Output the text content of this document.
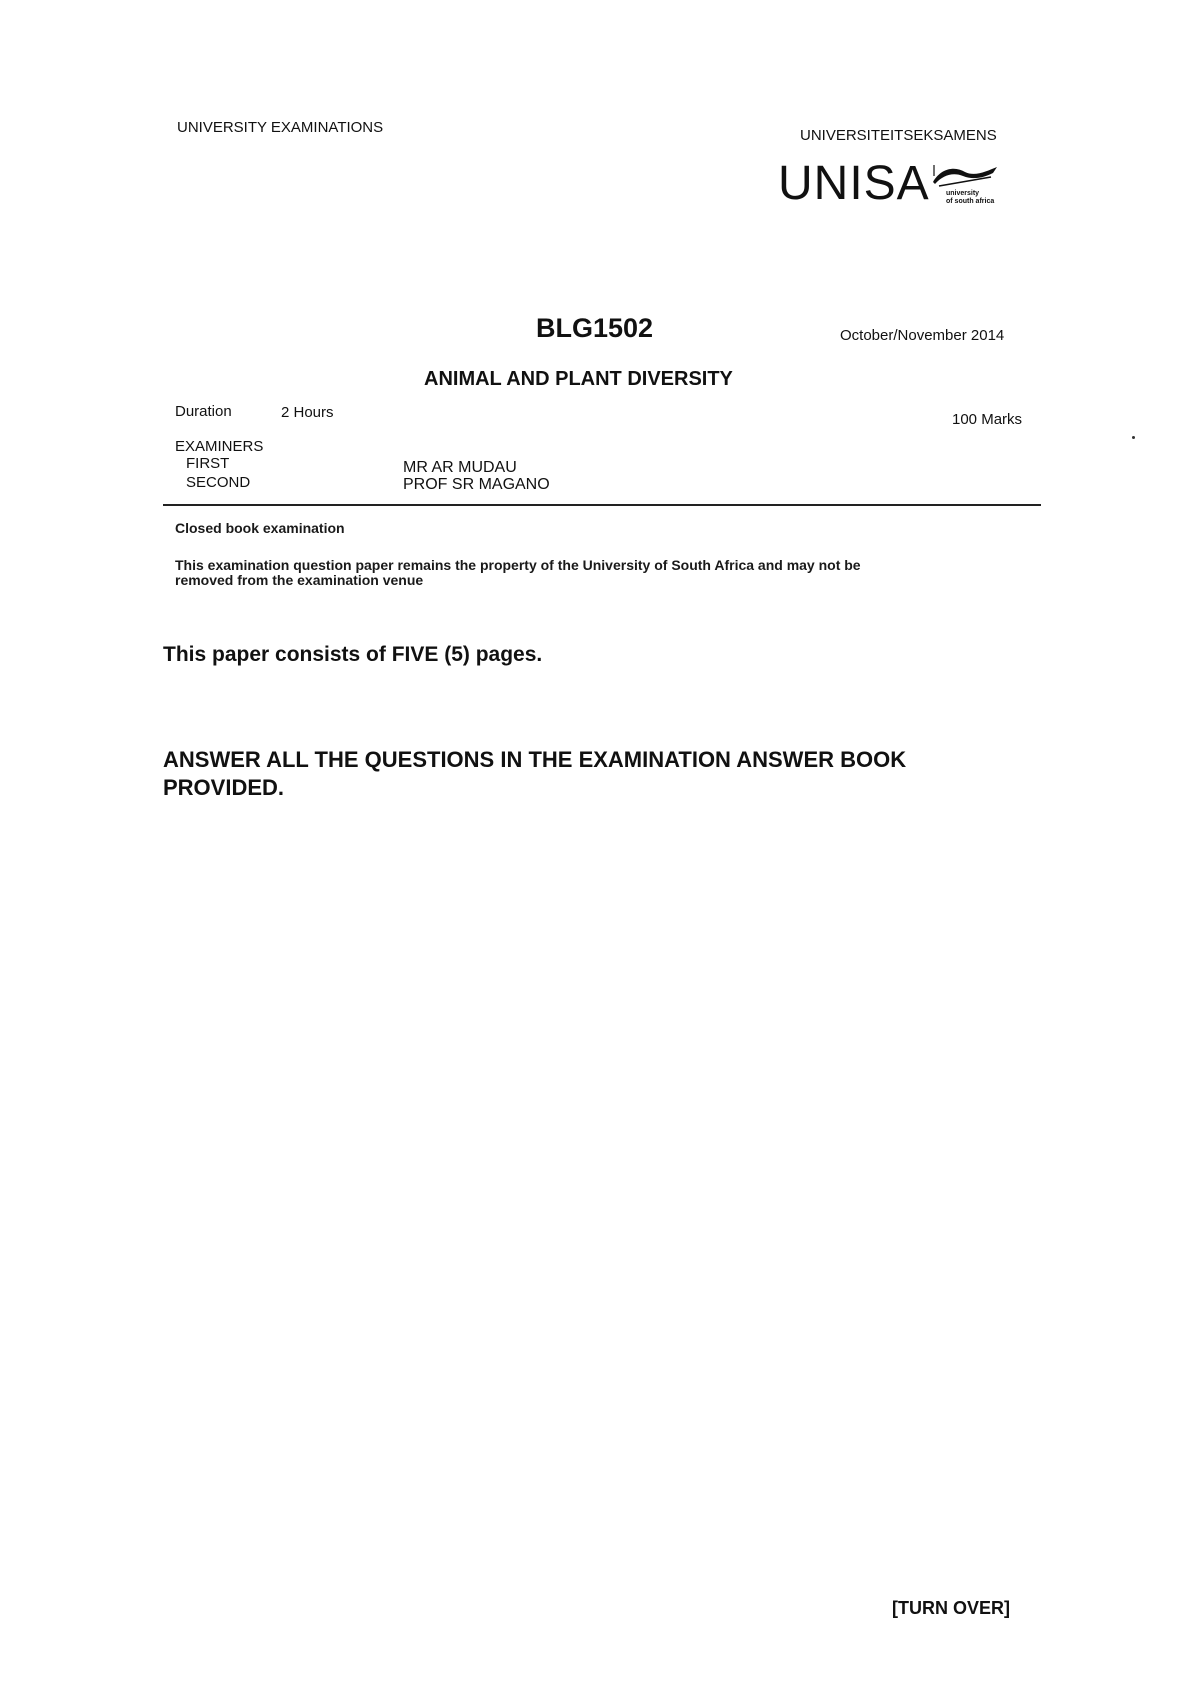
UNIVERSITY EXAMINATIONS	UNIVERSITEITSEKSAMENS
UNISA university
of south africa
BLG1502	October/November 2014
ANIMAL AND PLANT DIVERSITY
Duration	2 Hours	100 Marks
EXAMINERS
FIRST	MR AR MUDAU
SECOND	PROF SR MAGANO
Closed book examination
This examination question paper remains the property of the University of South Africa and may not be
removed from the examination venue
This paper consists of FIVE (5) pages.
ANSWER ALL THE QUESTIONS IN THE EXAMINATION ANSWER BOOK
PROVIDED.
[TURN OVER]
